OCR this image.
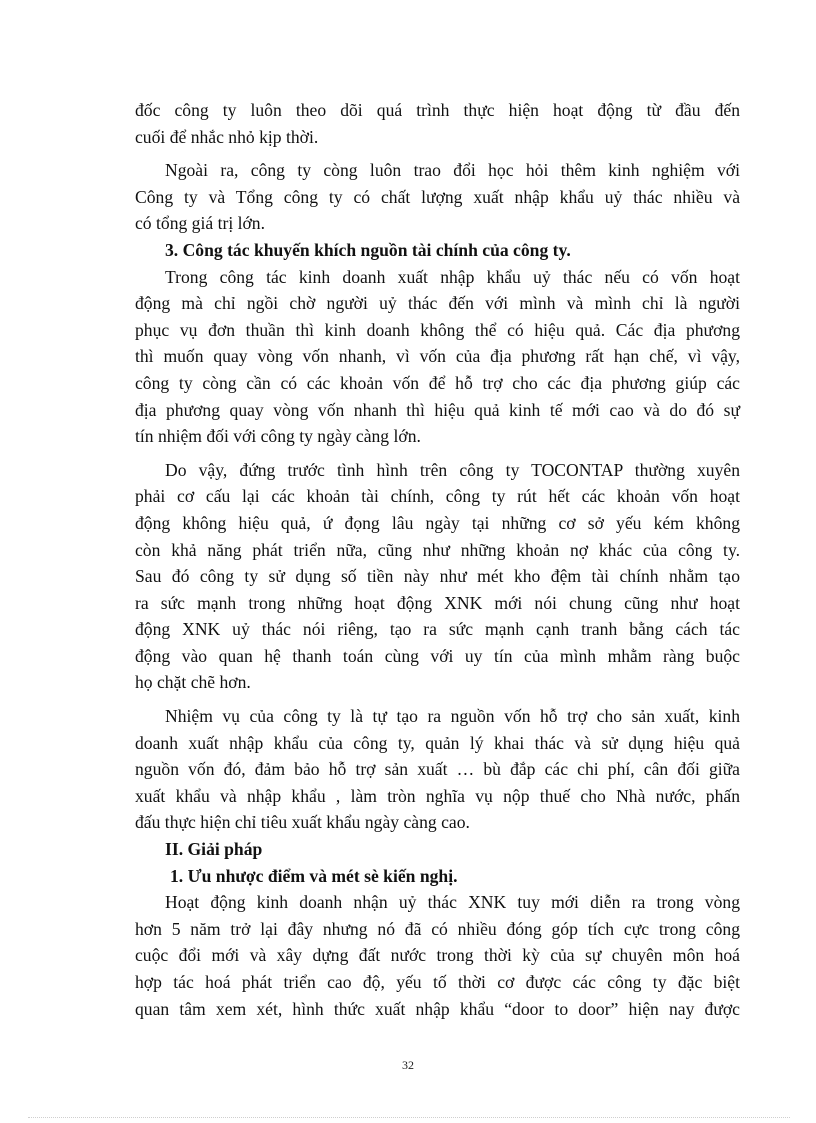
đốc công ty luôn theo dõi quá trình thực hiện hoạt động từ đầu đến
cuối để nhắc nhỏ kịp thời.
Ngoài ra, công ty còng luôn trao đổi học hỏi thêm kinh nghiệm với
Công ty và Tổng công ty có chất lượng xuất nhập khẩu uỷ thác nhiều và
có tổng giá trị lớn.
3. Công tác khuyến khích nguồn tài chính của công ty.
Trong công tác kinh doanh xuất nhập khẩu uỷ thác nếu có vốn hoạt
động mà chỉ ngồi chờ người uỷ thác đến với mình và mình chỉ là người
phục vụ đơn thuần thì kinh doanh không thể có hiệu quả. Các địa phương
thì muốn quay vòng vốn nhanh, vì vốn của địa phương rất hạn chế, vì vậy,
công ty còng cần có các khoản vốn để hỗ trợ cho các địa phương giúp các
địa phương quay vòng vốn nhanh thì hiệu quả kinh tế mới cao và do đó sự
tín nhiệm đối với công ty ngày càng lớn.
Do vậy, đứng trước tình hình trên công ty TOCONTAP thường xuyên
phải cơ cấu lại các khoản tài chính, công ty rút hết các khoản vốn hoạt
động không hiệu quả, ứ đọng lâu ngày tại những cơ sở yếu kém không
còn khả năng phát triển nữa, cũng như những khoản nợ khác của công ty.
Sau đó công ty sử dụng số tiền này như mét kho đệm tài chính nhằm tạo
ra sức mạnh trong những hoạt động XNK mới nói chung cũng như hoạt
động XNK uỷ thác nói riêng, tạo ra sức mạnh cạnh tranh bằng cách tác
động vào quan hệ thanh toán cùng với uy tín của mình mhằm ràng buộc
họ chặt chẽ hơn.
Nhiệm vụ của công ty là tự tạo ra nguồn vốn hỗ trợ cho sản xuất, kinh
doanh xuất nhập khẩu của công ty, quản lý khai thác và sử dụng hiệu quả
nguồn vốn đó, đảm bảo hỗ trợ sản xuất … bù đắp các chi phí, cân đối giữa
xuất khẩu và nhập khẩu , làm tròn nghĩa vụ nộp thuế cho Nhà nước, phấn
đấu thực hiện chỉ tiêu xuất khẩu ngày càng cao.
II. Giải pháp
1. Ưu nhược điểm và mét sè kiến nghị.
Hoạt động kinh doanh nhận uỷ thác XNK tuy mới diễn ra trong vòng
hơn 5 năm trở lại đây nhưng nó đã có nhiều đóng góp tích cực trong công
cuộc đổi mới và xây dựng đất nước trong thời kỳ của sự chuyên môn hoá
hợp tác hoá phát triển cao độ, yếu tố thời cơ được các công ty đặc biệt
quan tâm xem xét, hình thức xuất nhập khẩu “door to door” hiện nay được
32
